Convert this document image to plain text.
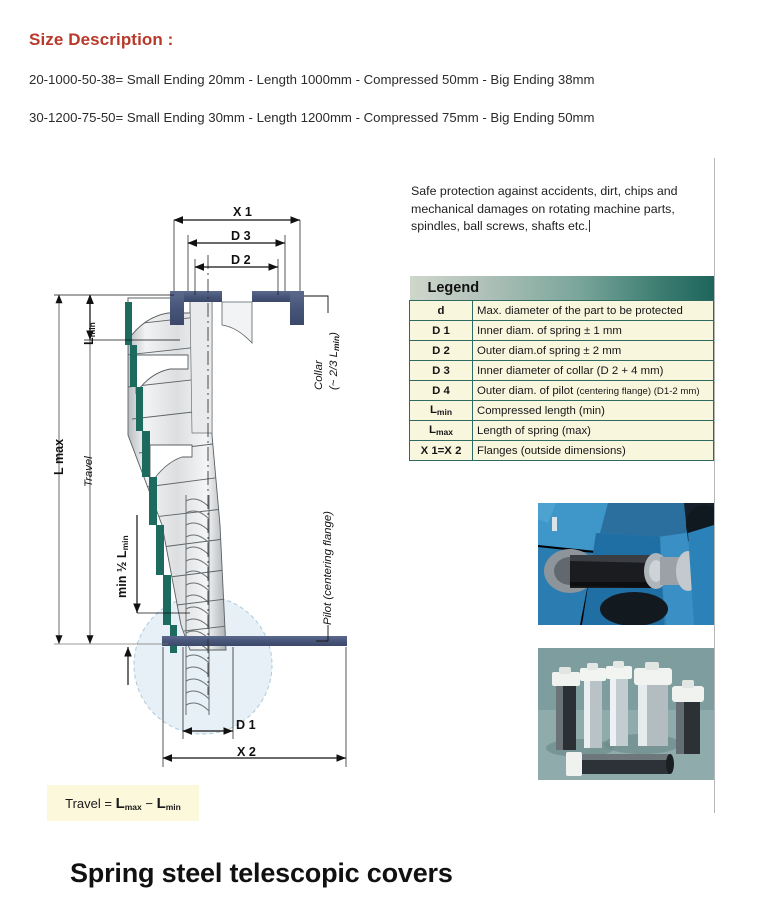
Size Description :
20-1000-50-38= Small Ending 20mm - Length 1000mm - Compressed 50mm - Big Ending 38mm
30-1200-75-50= Small Ending 30mm - Length 1200mm - Compressed 75mm - Big Ending 50mm
Safe protection against accidents, dirt, chips and mechanical damages on rotating machine parts, spindles, ball screws, shafts etc.
Legend	

d	Max. diameter of the part to be protected
D 1	Inner diam. of spring ± 1 mm
D 2	Outer diam.of spring ± 2 mm
D 3	Inner diameter of collar (D 2 + 4 mm)
D 4	Outer diam. of pilot (centering flange) (D1-2 mm)
$L_{min}$	Compressed length (min)
$L_{max}$	Length of spring (max)
X 1=X 2	Flanges (outside dimensions)
X 1
D 3
D 2
D 1
X 2
L max Travel
$L_{min}$
min ½ $L_{min}$
Collar (~ 2/3 $L_{min}$)
Pilot (centering flange)
Travel = $L_{max} - L_{min}$
Spring steel telescopic covers
